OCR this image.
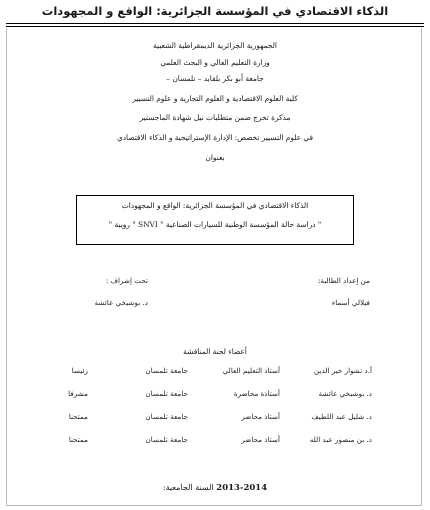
الذكاء الاقتصادي في المؤسسة الجزائرية: الواقع و المجهودات
الجمهورية الجزائرية الديمقراطية الشعبية
وزارة التعليم العالي و البحث العلمي
جامعة أبو بكر بلقايد – تلمسان –
كلية العلوم الاقتصادية و العلوم التجارية و علوم التسيير
مذكرة تخرج ضمن متطلبات نيل شهادة الماجستير
في علوم التسيير تخصص: الإدارة الإستراتيجية و الذكاء الاقتصادي
بعنوان
الذكاء الاقتصادي في المؤسسة الجزائرية: الواقع و المجهودات
" دراسة حالة المؤسسة الوطنية للسيارات الصناعية " SNVI " رويبة "
من إعداد الطالبة:
تحت إشراف :
فيلالي أسماء
د. بوشيخي عائشة
أعضاء لجنة المناقشة
أ.د تشوار خير الدين
أستاذ التعليم العالي
جامعة تلمسان
رئيسا
د. بوشيخي عائشة
أستاذة محاضرة
جامعة تلمسان
مشرفا
د. شليل عبد اللطيف
أستاذ محاضر
جامعة تلمسان
ممتحنا
د. بن منصور عبد الله
أستاذ محاضر
جامعة تلمسان
ممتحنا
السنة الجامعية: 2013-2014
